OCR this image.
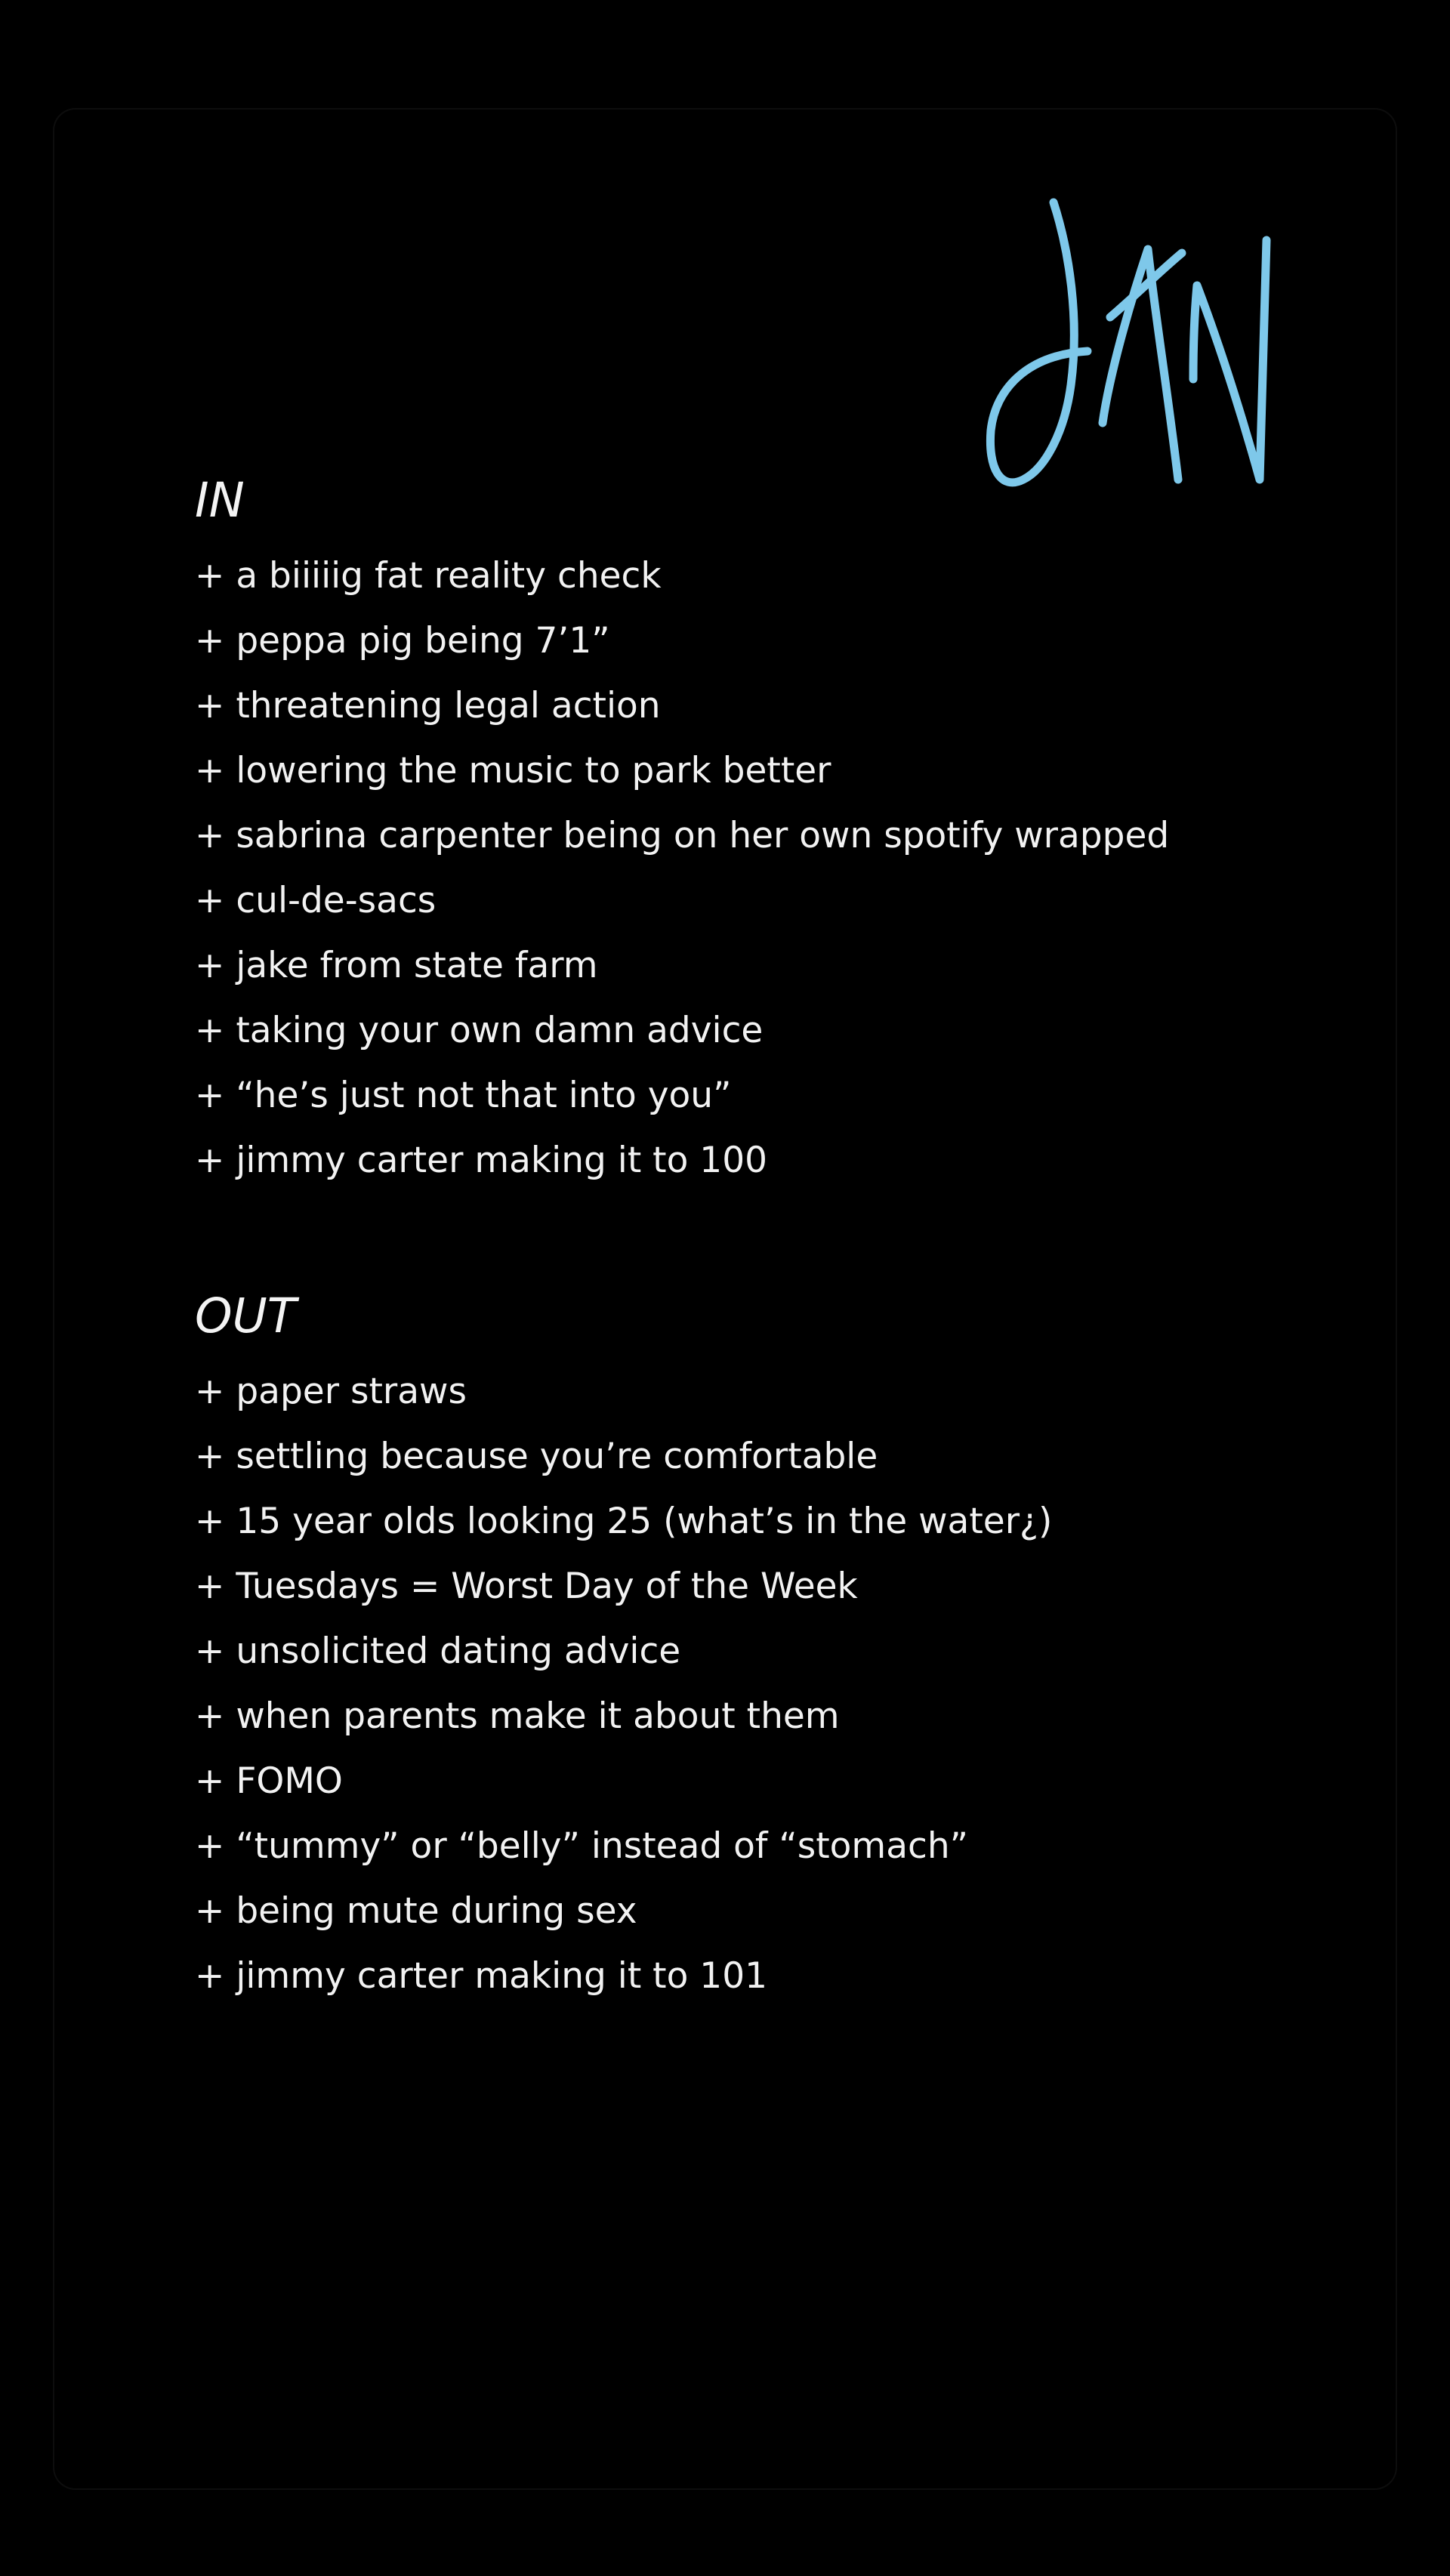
IN
+ a biiiiig fat reality check
+ peppa pig being 7’1”
+ threatening legal action
+ lowering the music to park better
+ sabrina carpenter being on her own spotify wrapped
+ cul-de-sacs
+ jake from state farm
+ taking your own damn advice
+ “he’s just not that into you”
+ jimmy carter making it to 100
OUT
+ paper straws
+ settling because you’re comfortable
+ 15 year olds looking 25 (what’s in the water¿)
+ Tuesdays = Worst Day of the Week
+ unsolicited dating advice
+ when parents make it about them
+ FOMO
+ “tummy” or “belly” instead of “stomach”
+ being mute during sex
+ jimmy carter making it to 101
